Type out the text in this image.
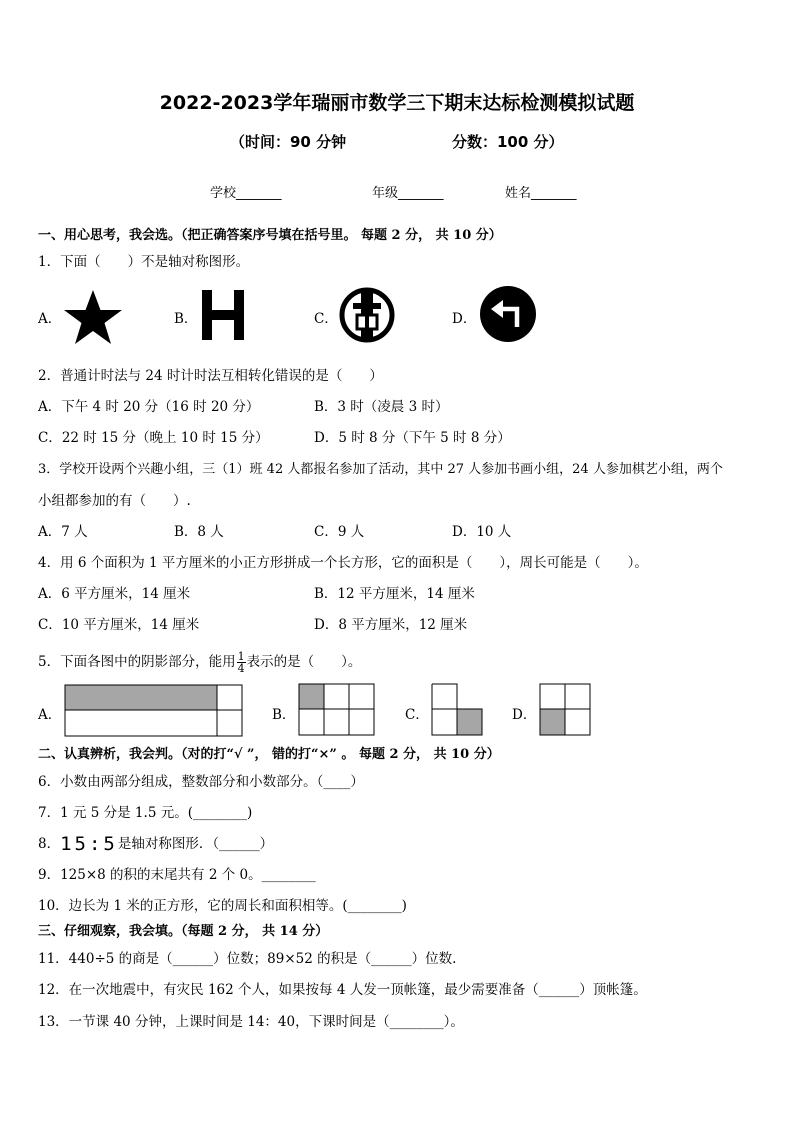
2022-2023学年瑞丽市数学三下期末达标检测模拟试题
（时间：90 分钟	分数：100 分）
学校_______	年级_______	姓名_______
一、用心思考，我会选。（把正确答案序号填在括号里。 每题 2 分， 共 10 分）
1．下面（　　）不是轴对称图形。
A．	B．	C．	D．
2．普通计时法与 24 时计时法互相转化错误的是（　　）
A．下午 4 时 20 分（16 时 20 分）	B．3 时（凌晨 3 时）
C．22 时 15 分（晚上 10 时 15 分）	D．5 时 8 分（下午 5 时 8 分）
3．学校开设两个兴趣小组，三（1）班 42 人都报名参加了活动，其中 27 人参加书画小组，24 人参加棋艺小组，两个
小组都参加的有（　　）.
A．7 人	B．8 人	C．9 人	D．10 人
4．用 6 个面积为 1 平方厘米的小正方形拼成一个长方形，它的面积是（　　），周长可能是（　　）。
A．6 平方厘米，14 厘米	B．12 平方厘米，14 厘米
C．10 平方厘米，14 厘米	D．8 平方厘米，12 厘米
5．下面各图中的阴影部分，能用 $\frac{1}{4}$ 表示的是（　　）。
A．	B．	C．	D．
二、认真辨析，我会判。（对的打“√ ”， 错的打“×” 。 每题 2 分， 共 10 分）
6．小数由两部分组成，整数部分和小数部分。（____）
7．1 元 5 分是 1.5 元。(________)
8．15:5是轴对称图形．（______）
9．125×8 的积的末尾共有 2 个 0。________
10．边长为 1 米的正方形，它的周长和面积相等。(________)
三、仔细观察，我会填。（每题 2 分， 共 14 分）
11．440÷5 的商是（______）位数；89×52 的积是（______）位数.
12．在一次地震中，有灾民 162 个人，如果按每 4 人发一顶帐篷，最少需要准备（______）顶帐篷。
13．一节课 40 分钟，上课时间是 14：40，下课时间是（________）。
